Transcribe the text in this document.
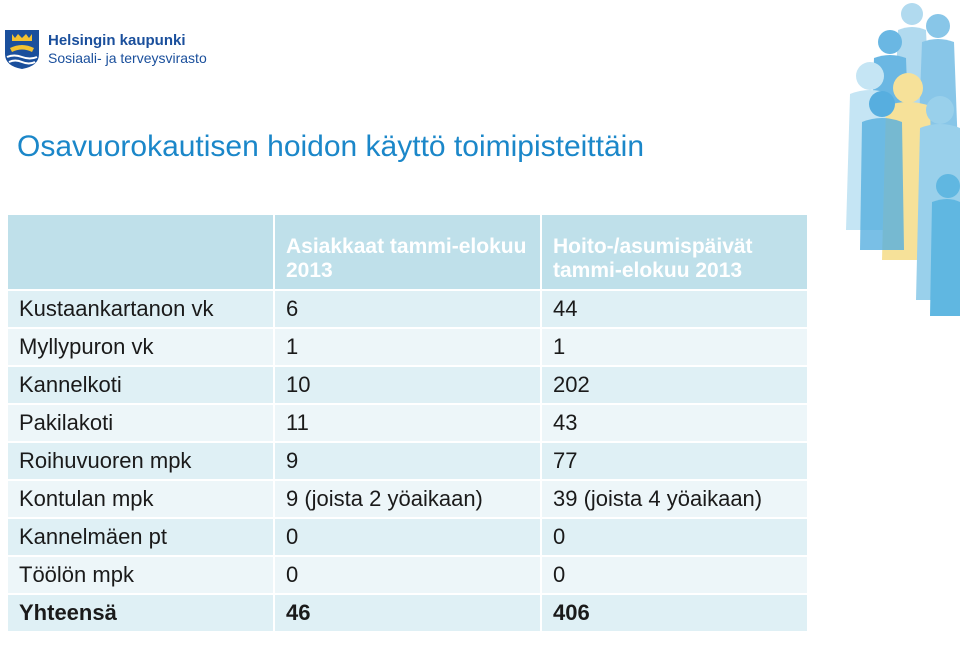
Helsingin kaupunki
Sosiaali- ja terveysvirasto
Osavuorokautisen hoidon käyttö toimipisteittäin
	Asiakkaat tammi-elokuu 2013	Hoito-/asumispäivät tammi-elokuu 2013
Kustaankartanon vk	6	44
Myllypuron vk	1	1
Kannelkoti	10	202
Pakilakoti	11	43
Roihuvuoren mpk	9	77
Kontulan mpk	9 (joista 2 yöaikaan)	39 (joista 4 yöaikaan)
Kannelmäen pt	0	0
Töölön mpk	0	0
Yhteensä	46	406
